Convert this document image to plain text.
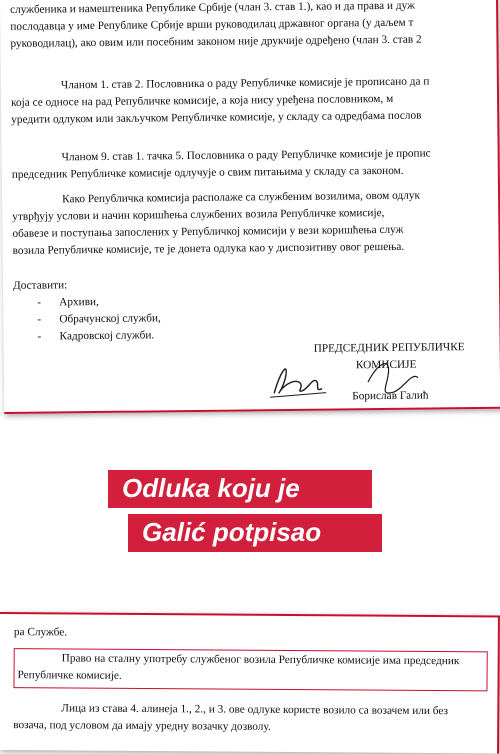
службеника и намештеника Републике Србије (члан 3. став 1.), као и да права и дуж
послодавца у име Републике Србије врши руководилац државног органа (у даљем т
руководилац), ако овим или посебним законом није друкчије одређено (члан 3. став 2
Чланом 1. став 2. Пословника о раду Републичке комисије је прописано да п
која се односе на рад Републичке комисије, а која нису уређена пословником, м
уредити одлуком или закључком Републичке комисије, у складу са одредбама послов
Чланом 9. став 1. тачка 5. Пословника о раду Републичке комисије је пропис
председник Републичке комисије одлучује о свим питањима у складу са законом.
Како Републичка комисија располаже са службеним возилима, овом одлук
утврђују услови и начин коришћења службених возила Републичке комисије,
обавезе и поступања запослених у Републичкој комисији у вези коришћења служ
возила Републичке комисије, те је донета одлука као у диспозитиву овог решења.
Доставити:
- Архиви,
- Обрачунској служби,
- Кадровској служби.
ПРЕДСЕДНИК РЕПУБЛИЧКЕ
КОМИСИЈЕ
Борислав Галић
Odluka koju je
Galić potpisao
ра Службе.
Право на сталну употребу службеног возила Републичке комисије има председник
Републичке комисије.
Лица из става 4. алинеја 1., 2., и 3. ове одлуке користе возило са возачем или без
возача, под условом да имају уредну возачку дозволу.
